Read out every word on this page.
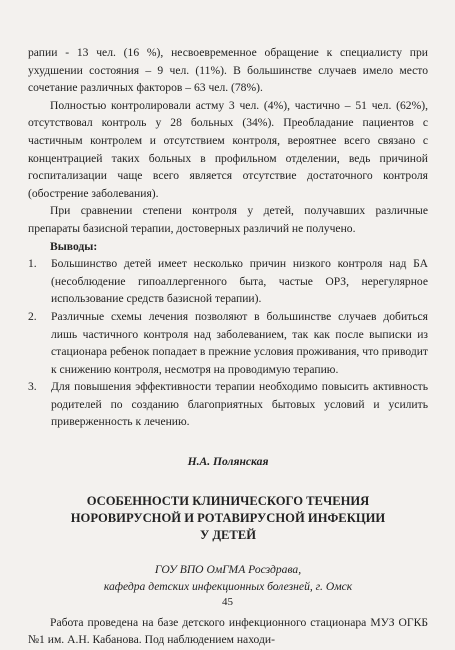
рапии - 13 чел. (16 %), несвоевременное обращение к специалисту при ухудшении состояния – 9 чел. (11%). В большинстве случаев имело место сочетание различных факторов – 63 чел. (78%).

Полностью контролировали астму 3 чел. (4%), частично – 51 чел. (62%), отсутствовал контроль у 28 больных (34%). Преобладание пациентов с частичным контролем и отсутствием контроля, вероятнее всего связано с концентрацией таких больных в профильном отделении, ведь причиной госпитализации чаще всего является отсутствие достаточного контроля (обострение заболевания).

При сравнении степени контроля у детей, получавших различные препараты базисной терапии, достоверных различий не получено.

Выводы:

1. Большинство детей имеет несколько причин низкого контроля над БА (несоблюдение гипоаллергенного быта, частые ОРЗ, нерегулярное использование средств базисной терапии).
2. Различные схемы лечения позволяют в большинстве случаев добиться лишь частичного контроля над заболеванием, так как после выписки из стационара ребенок попадает в прежние условия проживания, что приводит к снижению контроля, несмотря на проводимую терапию.
3. Для повышения эффективности терапии необходимо повысить активность родителей по созданию благоприятных бытовых условий и усилить приверженность к лечению.
Н.А. Полянская
ОСОБЕННОСТИ КЛИНИЧЕСКОГО ТЕЧЕНИЯ
НОРОВИРУСНОЙ И РОТАВИРУСНОЙ ИНФЕКЦИИ
У ДЕТЕЙ
ГОУ ВПО ОмГМА Росздрава,
кафедра детских инфекционных болезней, г. Омск

Работа проведена на базе детского инфекционного стационара МУЗ ОГКБ №1 им. А.Н. Кабанова. Под наблюдением находи-

45
